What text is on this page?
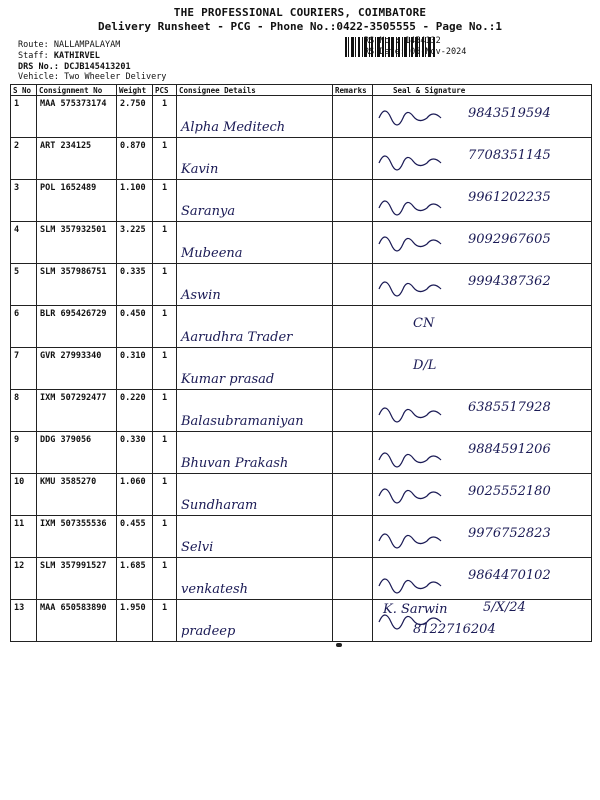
THE PROFESSIONAL COURIERS, COIMBATORE
Delivery Runsheet - PCG - Phone No.:0422-3505555 - Page No.:1
Route: NALLAMPALAYAM
Staff: KATHIRVEL
DRS No.: DCJB145413201
Vehicle: Two Wheeler Delivery
RS No.: 1454132
RS Date: 05-Nov-2024
S No	Consignment No	Weight	PCS	Consignee Details	Remarks	Seal & Signature

1	MAA 575373174	2.750	1	Alpha Meditech		9843519594

2	ART 234125	0.870	1	Kavin		7708351145

3	POL 1652489	1.100	1	Saranya		9961202235

4	SLM 357932501	3.225	1	Mubeena		9092967605

5	SLM 357986751	0.335	1	Aswin		9994387362

6	BLR 695426729	0.450	1	Aarudhra Trader		CN

7	GVR 27993340	0.310	1	Kumar prasad		D/L

8	IXM 507292477	0.220	1	Balasubramaniyan		6385517928

9	DDG 379056	0.330	1	Bhuvan Prakash		9884591206

10	KMU 3585270	1.060	1	Sundharam		9025552180

11	IXM 507355536	0.455	1	Selvi		9976752823

12	SLM 357991527	1.685	1	venkatesh		9864470102

13	MAA 650583890	1.950	1	pradeep		8122716204
K. Sarwin 5/X/24
